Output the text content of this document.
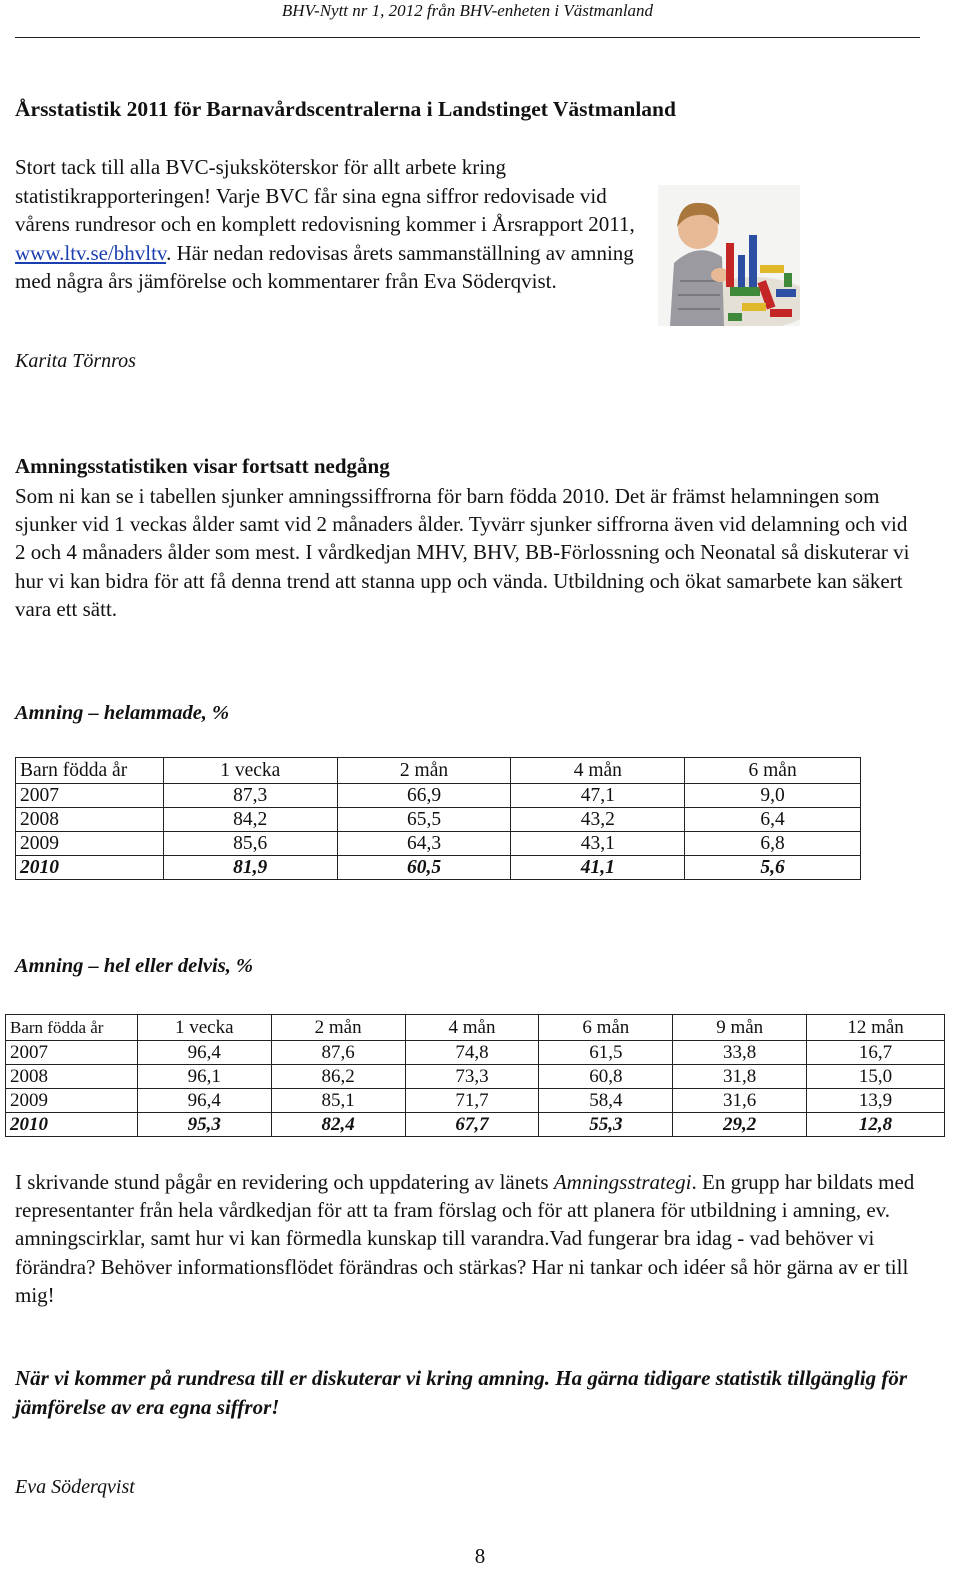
BHV-Nytt nr 1, 2012 från BHV-enheten i Västmanland
Årsstatistik 2011 för Barnavårdscentralerna i Landstinget Västmanland

Stort tack till alla BVC-sjuksköterskor för allt arbete kring statistikrapporteringen! Varje BVC får sina egna siffror redovisade vid vårens rundresor och en komplett redovisning kommer i Årsrapport 2011, www.ltv.se/bhvltv. Här nedan redovisas årets sammanställning av amning med några års jämförelse och kommentarer från Eva Söderqvist.

Karita Törnros

Amningsstatistiken visar fortsatt nedgång

Som ni kan se i tabellen sjunker amningssiffrorna för barn födda 2010. Det är främst helamningen som sjunker vid 1 veckas ålder samt vid 2 månaders ålder. Tyvärr sjunker siffrorna även vid delamning och vid 2 och 4 månaders ålder som mest. I vårdkedjan MHV, BHV, BB-Förlossning och Neonatal så diskuterar vi hur vi kan bidra för att få denna trend att stanna upp och vända. Utbildning och ökat samarbete kan säkert vara ett sätt.

Amning – helammade, %

Barn födda år	1 vecka	2 mån	4 mån	6 mån
2007	87,3	66,9	47,1	9,0
2008	84,2	65,5	43,2	6,4
2009	85,6	64,3	43,1	6,8
2010	81,9	60,5	41,1	5,6

Amning – hel eller delvis, %

Barn födda år	1 vecka	2 mån	4 mån	6 mån	9 mån	12 mån
2007	96,4	87,6	74,8	61,5	33,8	16,7
2008	96,1	86,2	73,3	60,8	31,8	15,0
2009	96,4	85,1	71,7	58,4	31,6	13,9
2010	95,3	82,4	67,7	55,3	29,2	12,8

I skrivande stund pågår en revidering och uppdatering av länets Amningsstrategi. En grupp har bildats med representanter från hela vårdkedjan för att ta fram förslag och för att planera för utbildning i amning, ev. amningscirklar, samt hur vi kan förmedla kunskap till varandra.Vad fungerar bra idag - vad behöver vi förändra? Behöver informationsflödet förändras och stärkas? Har ni tankar och idéer så hör gärna av er till mig!

När vi kommer på rundresa till er diskuterar vi kring amning. Ha gärna tidigare statistik tillgänglig för jämförelse av era egna siffror!

Eva Söderqvist

8
